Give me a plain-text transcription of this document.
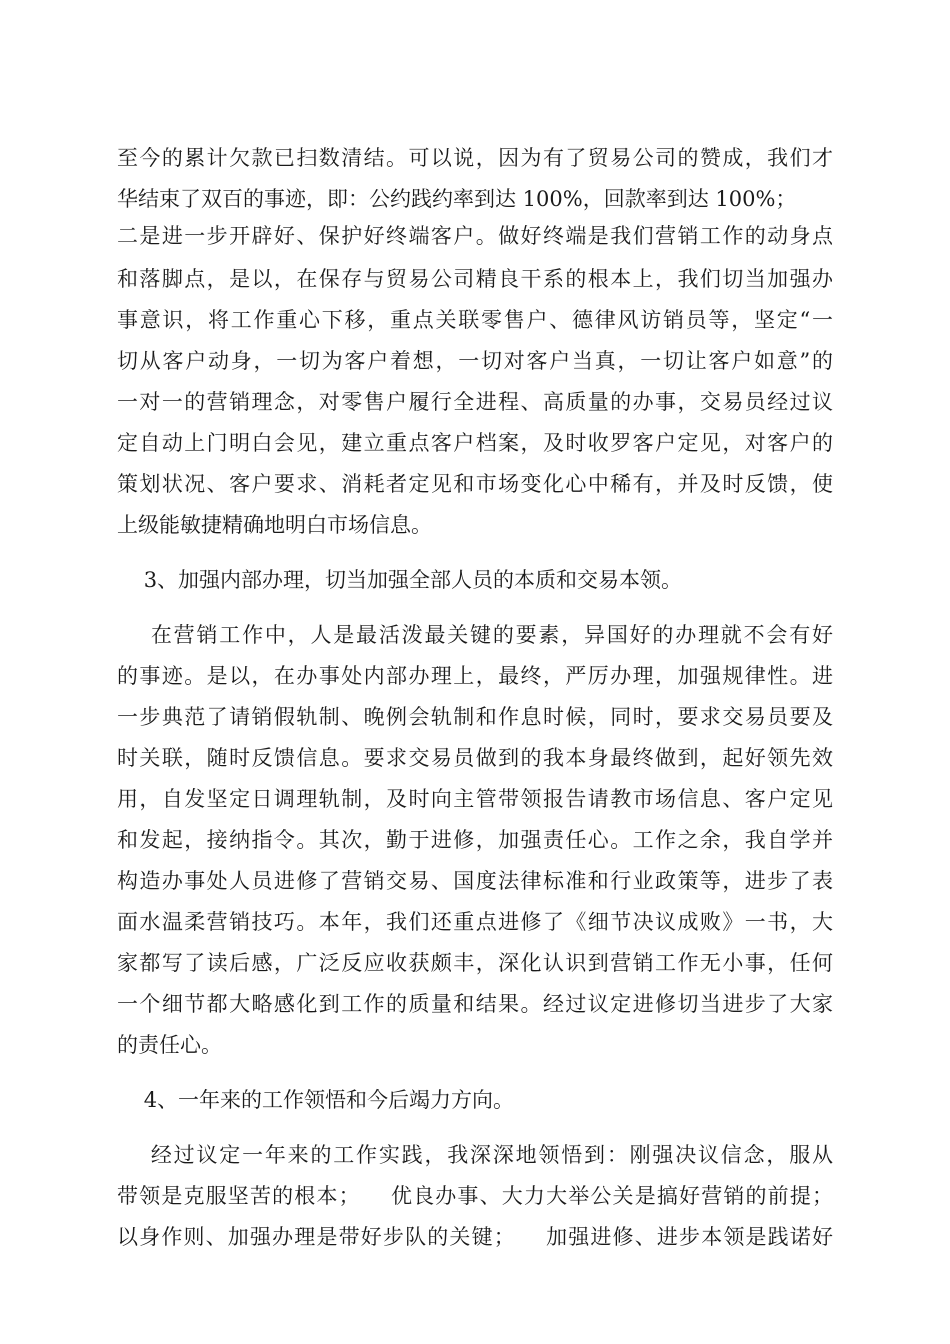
至今的累计欠款已扫数清结。可以说，因为有了贸易公司的赞成，我们才
华结束了双百的事迹，即：公约践约率到达 100%，回款率到达 100%；
二是进一步开辟好、保护好终端客户。做好终端是我们营销工作的动身点
和落脚点，是以，在保存与贸易公司精良干系的根本上，我们切当加强办
事意识，将工作重心下移，重点关联零售户、德律风访销员等，坚定“一
切从客户动身，一切为客户着想，一切对客户当真，一切让客户如意”的
一对一的营销理念，对零售户履行全进程、高质量的办事，交易员经过议
定自动上门明白会见，建立重点客户档案，及时收罗客户定见，对客户的
策划状况、客户要求、消耗者定见和市场变化心中稀有，并及时反馈，使
上级能敏捷精确地明白市场信息。
3、加强内部办理，切当加强全部人员的本质和交易本领。
在营销工作中，人是最活泼最关键的要素，异国好的办理就不会有好
的事迹。是以，在办事处内部办理上，最终，严厉办理，加强规律性。进
一步典范了请销假轨制、晚例会轨制和作息时候，同时，要求交易员要及
时关联，随时反馈信息。要求交易员做到的我本身最终做到，起好领先效
用，自发坚定日调理轨制，及时向主管带领报告请教市场信息、客户定见
和发起，接纳指令。其次，勤于进修，加强责任心。工作之余，我自学并
构造办事处人员进修了营销交易、国度法律标准和行业政策等，进步了表
面水温柔营销技巧。本年，我们还重点进修了《细节决议成败》一书，大
家都写了读后感，广泛反应收获颇丰，深化认识到营销工作无小事，任何
一个细节都大略感化到工作的质量和结果。经过议定进修切当进步了大家
的责任心。
4、一年来的工作领悟和今后竭力方向。
经过议定一年来的工作实践，我深深地领悟到：刚强决议信念，服从
带领是克服坚苦的根本；    优良办事、大力大举公关是搞好营销的前提；
以身作则、加强办理是带好步队的关键；    加强进修、进步本领是践诺好
